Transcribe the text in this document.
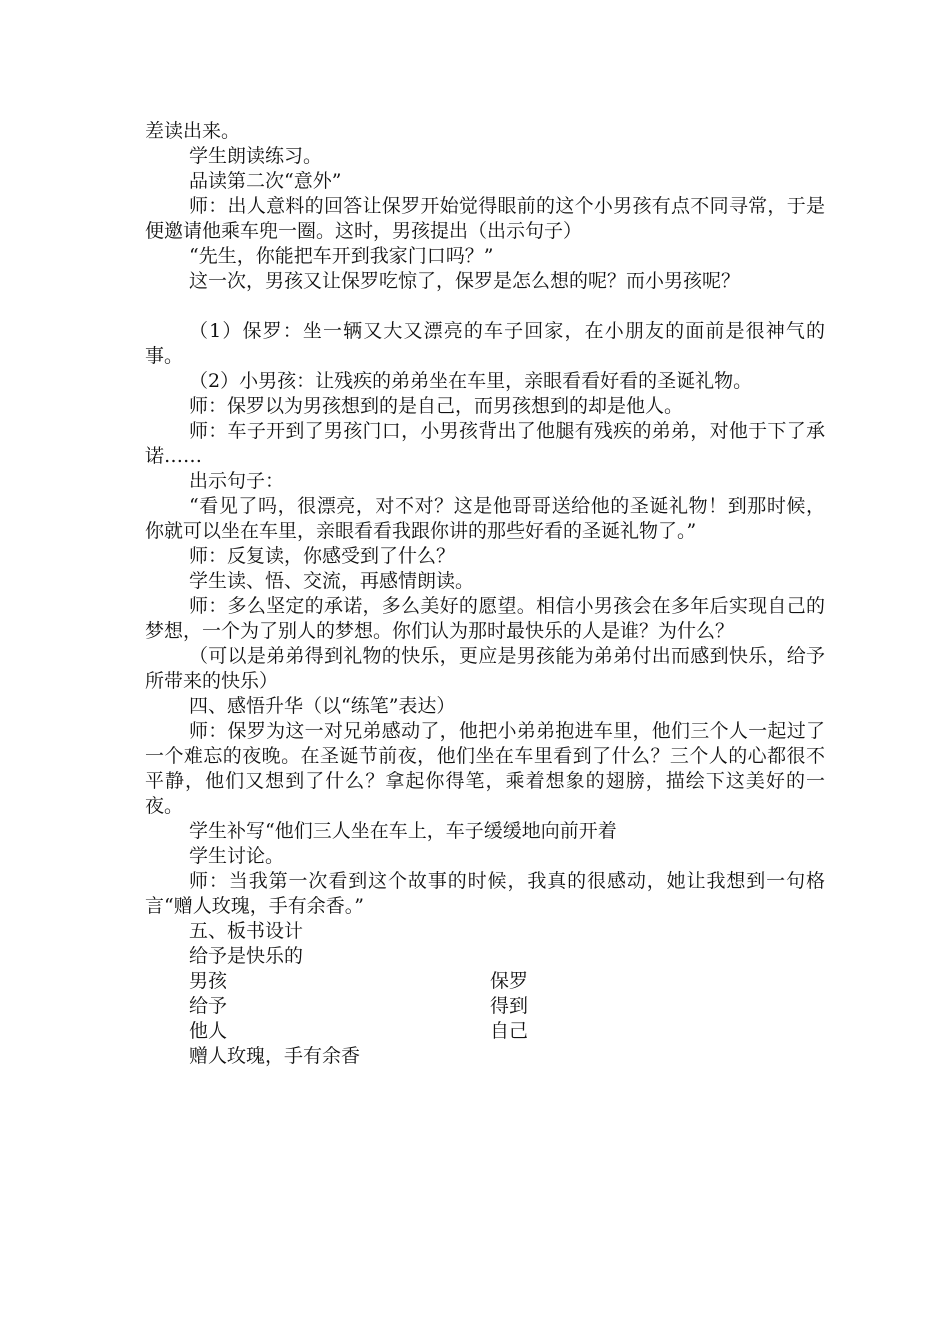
差读出来。

学生朗读练习。

品读第二次“意外”

师：出人意料的回答让保罗开始觉得眼前的这个小男孩有点不同寻常，于是便邀请他乘车兜一圈。这时，男孩提出（出示句子）

“先生，你能把车开到我家门口吗？”

这一次，男孩又让保罗吃惊了，保罗是怎么想的呢？而小男孩呢？

（1）保罗：坐一辆又大又漂亮的车子回家，在小朋友的面前是很神气的事。

（2）小男孩：让残疾的弟弟坐在车里，亲眼看看好看的圣诞礼物。

师：保罗以为男孩想到的是自己，而男孩想到的却是他人。

师：车子开到了男孩门口，小男孩背出了他腿有残疾的弟弟，对他于下了承诺……

出示句子：

“看见了吗，很漂亮，对不对？这是他哥哥送给他的圣诞礼物！到那时候，你就可以坐在车里，亲眼看看我跟你讲的那些好看的圣诞礼物了。”

师：反复读，你感受到了什么？

学生读、悟、交流，再感情朗读。

师：多么坚定的承诺，多么美好的愿望。相信小男孩会在多年后实现自己的梦想，一个为了别人的梦想。你们认为那时最快乐的人是谁？为什么？

（可以是弟弟得到礼物的快乐，更应是男孩能为弟弟付出而感到快乐，给予所带来的快乐）

四、感悟升华（以“练笔”表达）

师：保罗为这一对兄弟感动了，他把小弟弟抱进车里，他们三个人一起过了一个难忘的夜晚。在圣诞节前夜，他们坐在车里看到了什么？三个人的心都很不平静，他们又想到了什么？拿起你得笔，乘着想象的翅膀，描绘下这美好的一夜。

学生补写“他们三人坐在车上，车子缓缓地向前开着

学生讨论。

师：当我第一次看到这个故事的时候，我真的很感动，她让我想到一句格言“赠人玫瑰，手有余香。”

五、板书设计

给予是快乐的

男孩	保罗
给予	得到
他人	自己

赠人玫瑰，手有余香
